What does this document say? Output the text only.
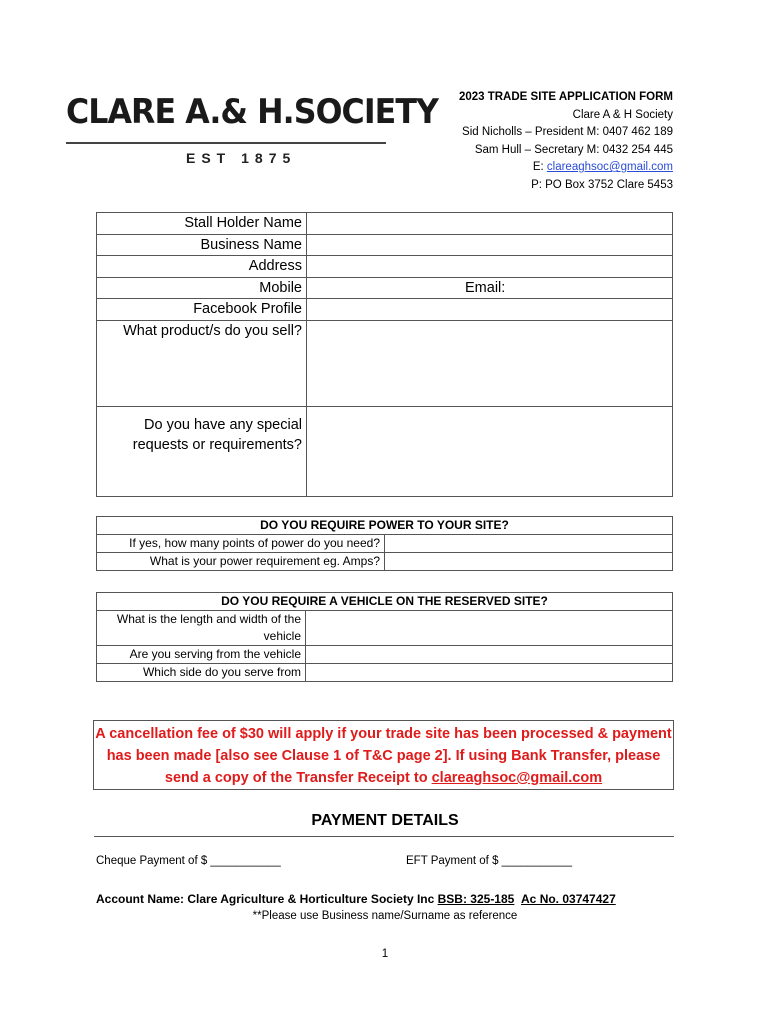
CLARE A.& H.SOCIETY
EST 1875
2023 TRADE SITE APPLICATION FORM
Clare A & H Society
Sid Nicholls – President M: 0407 462 189
Sam Hull – Secretary M: 0432 254 445
E: clareaghsoc@gmail.com
P: PO Box 3752 Clare 5453
Stall Holder Name	
Business Name	
Address	
Mobile	Email:
Facebook Profile	
What product/s do you sell?	
Do you have any special requests or requirements?	
DO YOU REQUIRE POWER TO YOUR SITE?	
If yes, how many points of power do you need?	
What is your power requirement eg. Amps?	
DO YOU REQUIRE A VEHICLE ON THE RESERVED SITE?	
What is the length and width of the vehicle	
Are you serving from the vehicle	
Which side do you serve from	
A cancellation fee of $30 will apply if your trade site has been processed & payment has been made [also see Clause 1 of T&C page 2]. If using Bank Transfer, please send a copy of the Transfer Receipt to clareaghsoc@gmail.com
PAYMENT DETAILS
Cheque Payment of $ ___________	EFT Payment of $ ___________
Account Name: Clare Agriculture & Horticulture Society Inc BSB: 325-185 Ac No. 03747427
**Please use Business name/Surname as reference
1
